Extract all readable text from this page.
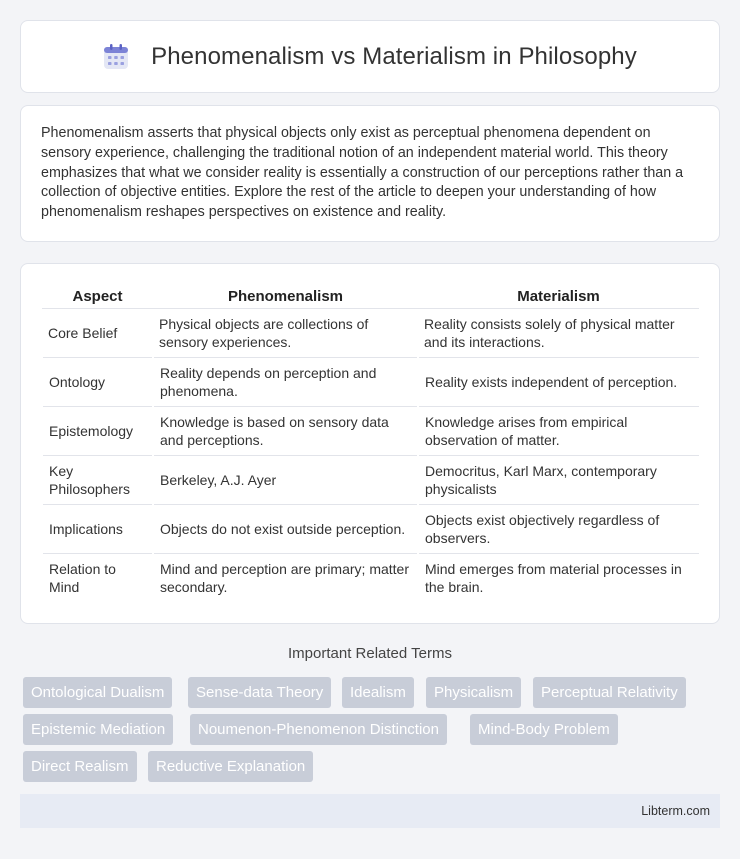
Phenomenalism vs Materialism in Philosophy

Phenomenalism asserts that physical objects only exist as perceptual phenomena dependent on sensory experience, challenging the traditional notion of an independent material world. This theory emphasizes that what we consider reality is essentially a construction of our perceptions rather than a collection of objective entities. Explore the rest of the article to deepen your understanding of how phenomenalism reshapes perspectives on existence and reality.

Aspect	Phenomenalism	Materialism
Core Belief	Physical objects are collections of sensory experiences.	Reality consists solely of physical matter and its interactions.
Ontology	Reality depends on perception and phenomena.	Reality exists independent of perception.
Epistemology	Knowledge is based on sensory data and perceptions.	Knowledge arises from empirical observation of matter.
Key Philosophers	Berkeley, A.J. Ayer	Democritus, Karl Marx, contemporary physicalists
Implications	Objects do not exist outside perception.	Objects exist objectively regardless of observers.
Relation to Mind	Mind and perception are primary; matter secondary.	Mind emerges from material processes in the brain.
Important Related Terms
Ontological Dualism	Sense-data Theory	Idealism	Physicalism	Perceptual Relativity
Epistemic Mediation	Noumenon-Phenomenon Distinction	Mind-Body Problem
Direct Realism	Reductive Explanation
Libterm.com
